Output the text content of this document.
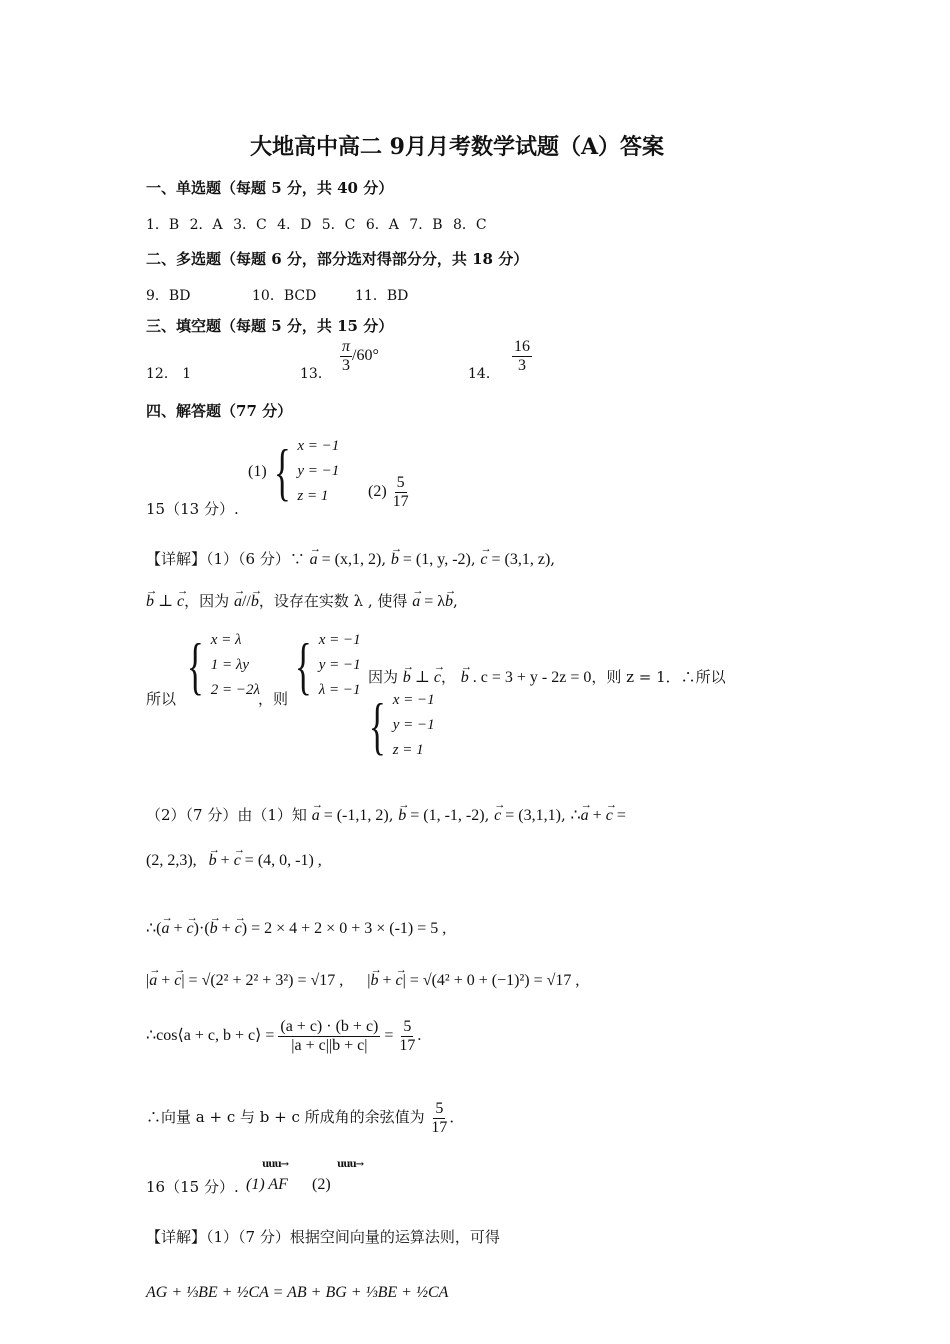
大地高中高二 9月月考数学试题（A）答案
一、单选题（每题 5 分，共 40 分）
1．B 2．A 3．C 4．D 5．C 6．A 7．B 8．C
二、多选题（每题 6 分，部分选对得部分分，共 18 分）
9．BD	10．BCD	11．BD
三、填空题（每题 5 分，共 15 分）
12． 1	13． $\frac{\pi}{3} /60^\circ$
14． $\frac{16}{3}$
四、解答题（77 分）
(1) { x = −1
y = −1
z = 1
15（13 分）.
$(2) \frac{5}{17}$
【详解】（1）（6 分）∵ → a = (x,1, 2), → b = (1, y, -2), → c = (3,1, z),
→ b ⊥ → c，因为 → a//→ b，设存在实数 λ , 使得 → a = λ→ b,
所以 { x = λ
1 = λy
2 = −2λ
，则 { x = −1
y = −1
λ = −1
因为 → b ⊥ → c， → b . c = 3 + y - 2z = 0，则 z = 1．∴所以
{ x = −1
y = −1
z = 1
（2）（7 分）由（1）知 → a = (-1,1, 2), → b = (1, -1, -2), → c = (3,1,1), ∴→ a + → c =
(2, 2,3), → b + → c = (4, 0, -1) ,
∴(→ a + → c)·(→ b + → c) = 2 × 4 + 2 × 0 + 3 × (-1) = 5 ,
|→ a + → c| = √(2² + 2² + 3²) = √17 ,      |→ b + → c| = √(4² + 0 + (−1)²) = √17 ,
∴cos⟨a + c, b + c⟩ = $\frac{(a + c) \cdot (b + c)}{|a + c||b + c|} = \frac{5}{17}$ .
∴向量 a + c 与 b + c 所成角的余弦值为 $\frac{5}{17}$ ．
uuu→	uuu→
16（15 分）. (1) AF (2)
【详解】（1）（7 分）根据空间向量的运算法则，可得
AG + ⅓BE + ½CA = AB + BG + ⅓BE + ½CA
